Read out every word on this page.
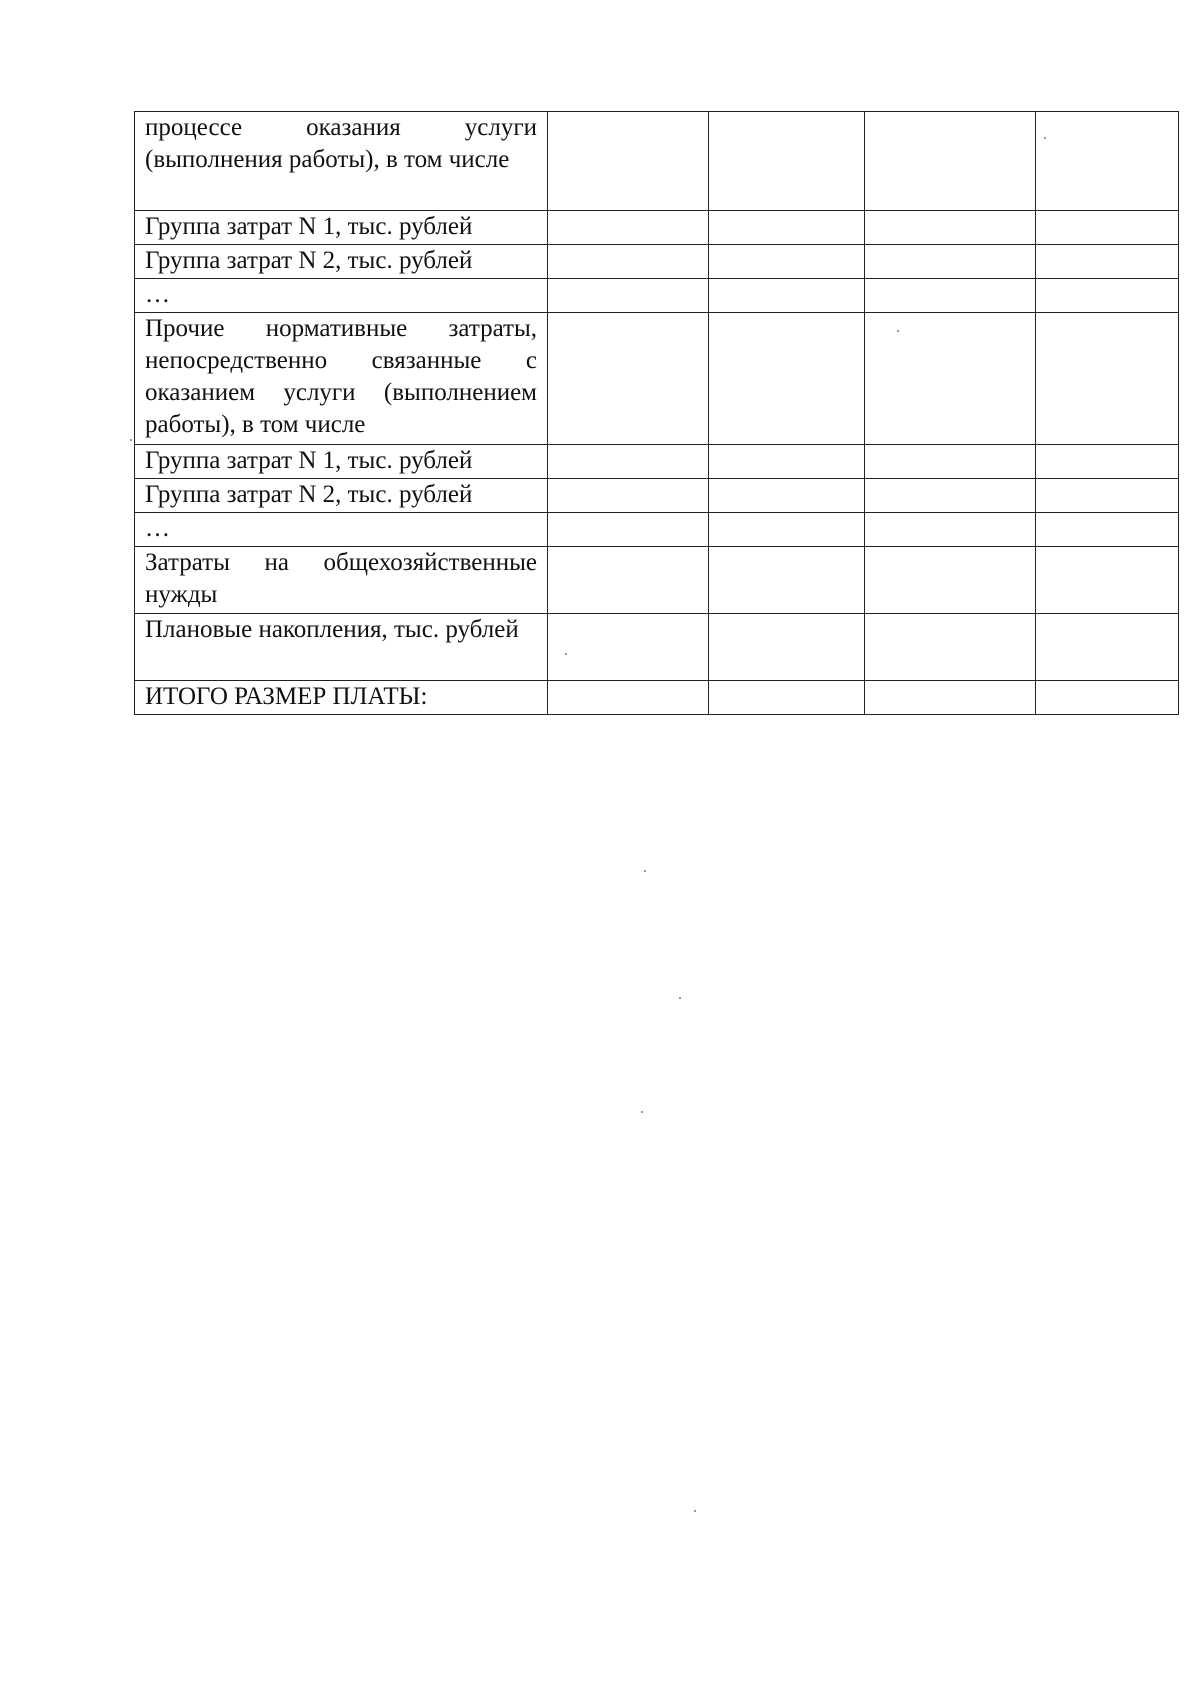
процессе оказания услуги (выполнения работы), в том числе				
Группа затрат N 1, тыс. рублей				
Группа затрат N 2, тыс. рублей				
…				
Прочие нормативные затраты, непосредственно связанные с оказанием услуги (выполнением работы), в том числе				
Группа затрат N 1, тыс. рублей				
Группа затрат N 2, тыс. рублей				
…				
Затраты на общехозяйственные нужды				
Плановые накопления, тыс. рублей				
ИТОГО РАЗМЕР ПЛАТЫ:				
